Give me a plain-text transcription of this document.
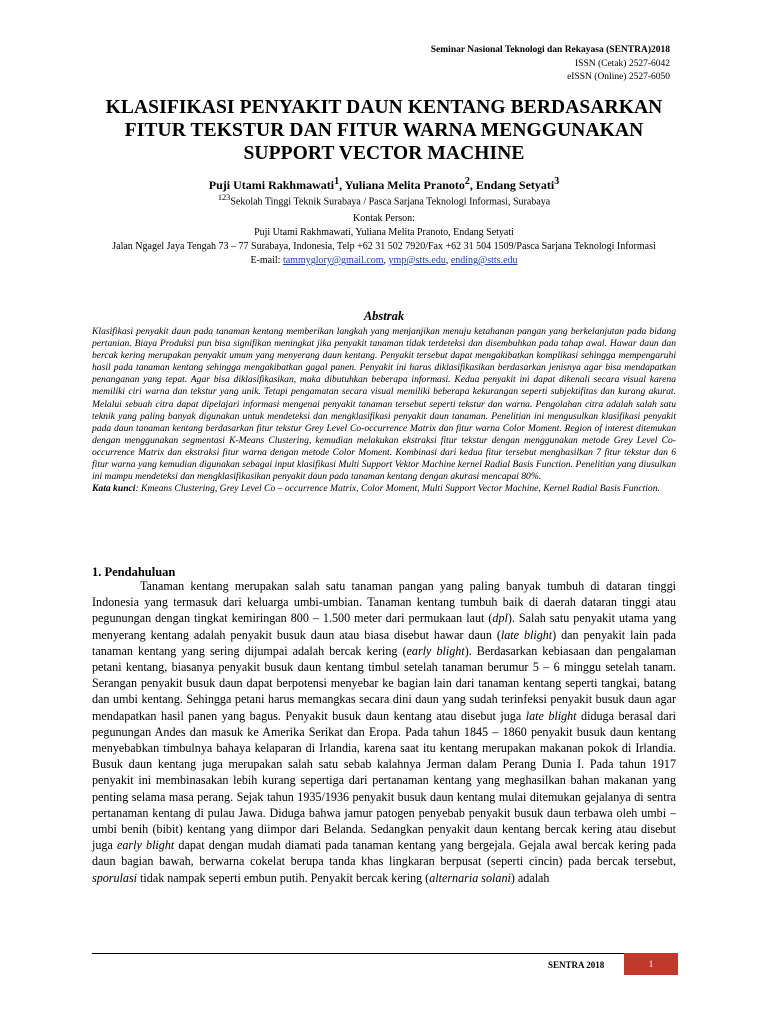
Seminar Nasional Teknologi dan Rekayasa (SENTRA)2018
ISSN (Cetak) 2527-6042
eISSN (Online) 2527-6050
KLASIFIKASI PENYAKIT DAUN KENTANG BERDASARKAN
FITUR TEKSTUR DAN FITUR WARNA MENGGUNAKAN
SUPPORT VECTOR MACHINE
Puji Utami Rakhmawati$^1$, Yuliana Melita Pranoto$^2$, Endang Setyati$^3$
$^{123}$Sekolah Tinggi Teknik Surabaya / Pasca Sarjana Teknologi Informasi, Surabaya
Kontak Person:
Puji Utami Rakhmawati, Yuliana Melita Pranoto, Endang Setyati
Jalan Ngagel Jaya Tengah 73 – 77 Surabaya, Indonesia, Telp +62 31 502 7920/Fax +62 31 504 1509/Pasca Sarjana Teknologi Informasi
E-mail: tammyglory@gmail.com, ymp@stts.edu, ending@stts.edu
Abstrak
Klasifikasi penyakit daun pada tanaman kentang memberikan langkah yang menjanjikan menuju ketahanan pangan yang berkelanjutan pada bidang pertanian. Biaya Produksi pun bisa signifikan meningkat jika penyakit tanaman tidak terdeteksi dan disembuhkan pada tahap awal. Hawar daun dan bercak kering merupakan penyakit umum yang menyerang daun kentang. Penyakit tersebut dapat mengakibatkan komplikasi sehingga mempengaruhi hasil pada tanaman kentang sehingga mengakibatkan gagal panen. Penyakit ini harus diklasifikasikan berdasarkan jenisnya agar bisa mendapatkan penanganan yang tepat. Agar bisa diklasifikasikan, maka dibutuhkan beberapa informasi. Kedua penyakit ini dapat dikenali secara visual karena memiliki ciri warna dan tekstur yang unik. Tetapi pengamatan secara visual memiliki beberapa kekurangan seperti subjektifitas dan kurang akurat. Melalui sebuah citra dapat dipelajari informasi mengenai penyakit tanaman tersebut seperti tekstur dan warna. Pengolahan citra adalah salah satu teknik yang paling banyak digunakan untuk mendeteksi dan mengklasifikasi penyakit daun tanaman. Penelitian ini mengusulkan klasifikasi penyakit pada daun tanaman kentang berdasarkan fitur tekstur Grey Level Co-occurrence Matrix dan fitur warna Color Moment. Region of interest ditemukan dengan menggunakan segmentasi K-Means Clustering, kemudian melakukan ekstraksi fitur tekstur dengan menggunakan metode Grey Level Co-occurrence Matrix dan ekstraksi fitur warna dengan metode Color Moment. Kombinasi dari kedua fitur tersebut menghasilkan 7 fitur tekstur dan 6 fitur warna yang kemudian digunakan sebagai input klasifikasi Multi Support Vektor Machine kernel Radial Basis Function. Penelitian yang diusulkan ini mampu mendeteksi dan mengklasifikasikan penyakit daun pada tanaman kentang dengan akurasi mencapai 80%.
Kata kunci: Kmeans Clustering, Grey Level Co – occurrence Matrix, Color Moment, Multi Support Vector Machine, Kernel Radial Basis Function.
1. Pendahuluan
Tanaman kentang merupakan salah satu tanaman pangan yang paling banyak tumbuh di dataran tinggi Indonesia yang termasuk dari keluarga umbi-umbian. Tanaman kentang tumbuh baik di daerah dataran tinggi atau pegunungan dengan tingkat kemiringan 800 – 1.500 meter dari permukaan laut (dpl). Salah satu penyakit utama yang menyerang kentang adalah penyakit busuk daun atau biasa disebut hawar daun (late blight) dan penyakit lain pada tanaman kentang yang sering dijumpai adalah bercak kering (early blight). Berdasarkan kebiasaan dan pengalaman petani kentang, biasanya penyakit busuk daun kentang timbul setelah tanaman berumur 5 – 6 minggu setelah tanam. Serangan penyakit busuk daun dapat berpotensi menyebar ke bagian lain dari tanaman kentang seperti tangkai, batang dan umbi kentang. Sehingga petani harus memangkas secara dini daun yang sudah terinfeksi penyakit busuk daun agar mendapatkan hasil panen yang bagus. Penyakit busuk daun kentang atau disebut juga late blight diduga berasal dari pegunungan Andes dan masuk ke Amerika Serikat dan Eropa. Pada tahun 1845 – 1860 penyakit busuk daun kentang menyebabkan timbulnya bahaya kelaparan di Irlandia, karena saat itu kentang merupakan makanan pokok di Irlandia. Busuk daun kentang juga merupakan salah satu sebab kalahnya Jerman dalam Perang Dunia I. Pada tahun 1917 penyakit ini membinasakan lebih kurang sepertiga dari pertanaman kentang yang meghasilkan bahan makanan yang penting selama masa perang. Sejak tahun 1935/1936 penyakit busuk daun kentang mulai ditemukan gejalanya di sentra pertanaman kentang di pulau Jawa. Diduga bahwa jamur patogen penyebab penyakit busuk daun terbawa oleh umbi – umbi benih (bibit) kentang yang diimpor dari Belanda. Sedangkan penyakit daun kentang bercak kering atau disebut juga early blight dapat dengan mudah diamati pada tanaman kentang yang bergejala. Gejala awal bercak kering pada daun bagian bawah, berwarna cokelat berupa tanda khas lingkaran berpusat (seperti cincin) pada bercak tersebut, sporulasi tidak nampak seperti embun putih. Penyakit bercak kering (alternaria solani) adalah
SENTRA 2018	1
